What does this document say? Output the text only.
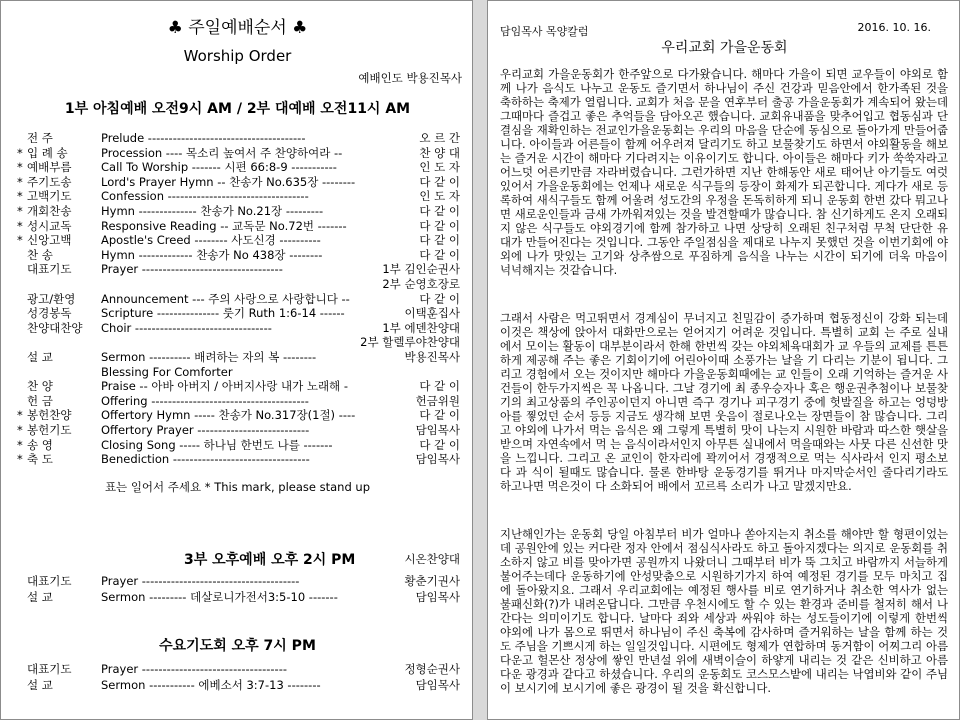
♣ 주일예배순서 ♣
Worship Order
예배인도 박용진목사
1부 아침예배 오전9시 AM / 2부 대예배 오전11시 AM
전 주	Prelude --------------------------------------	오 르 간
* 입 례 송	Procession ---- 목소리 높여서 주 찬양하여라 --	찬 양 대
* 예배부름	Call To Worship ------- 시편 66:8-9 -----------	인 도 자
* 주기도송	Lord's Prayer Hymn -- 찬송가 No.635장 --------	다 같 이
* 고백기도	Confession ----------------------------------	인 도 자
* 개회찬송	Hymn -------------- 찬송가 No.21장 ---------	다 같 이
* 성시교독	Responsive Reading -- 교독문 No.72번 -------	다 같 이
* 신앙고백	Apostle's Creed -------- 사도신경 ----------	다 같 이
찬 송	Hymn ------------- 찬송가 No 438장 --------	다 같 이
대표기도	Prayer ----------------------------------	1부 김인순권사
2부 순영호장로
광고/환영 Announcement --- 주의 사랑으로 사랑합니다 --	다 같 이
성경봉독	Scripture --------------- 룻기 Ruth 1:6-14 ------	이택훈집사
찬양대찬양 Choir ---------------------------------	1부 에덴찬양대
2부 할렐루야찬양대
설 교	Sermon ---------- 배려하는 자의 복 --------	박용진목사
Blessing For Comforter
찬 양	Praise -- 아바 아버지 / 아버지사랑 내가 노래해 -	다 같 이
헌 금	Offering --------------------------------------	헌금위원
* 봉헌찬양	Offertory Hymn ----- 찬송가 No.317장(1절) ----	다 같 이
* 봉헌기도	Offertory Prayer ---------------------------	담임목사
* 송 영	Closing Song ----- 하나님 한번도 나를 -------	다 같 이
* 축 도	Benediction ---------------------------------	담임목사
표는 일어서 주세요 * This mark, please stand up
3부 오후예배 오후 2시 PM	시온찬양대
대표기도	Prayer --------------------------------------	황춘기권사
설 교	Sermon --------- 데살로니가전서3:5-10 -------	담임목사
수요기도회 오후 7시 PM
대표기도	Prayer -----------------------------------	정형순권사
설 교	Sermon ----------- 에베소서 3:7-13 --------	담임목사
담임목사 목양칼럼	2016. 10. 16.
우리교회 가을운동회

우리교회 가을운동회가 한주앞으로 다가왔습니다. 해마다 가을이 되면 교우들이 야외로 함께 나가 음식도 나누고 운동도 즐기면서 하나님이 주신 건강과 믿음안에서 한가족된 것을 축하하는 축제가 열립니다. 교회가 처음 문을 연후부터 출공 가을운동회가 계속되어 왔는데 그때마다 즐겁고 좋은 추억들을 담아오곤 했습니다. 교회유내품을 맞추어입고 협동심과 단결심을 재확인하는 전교인가을운동회는 우리의 마음을 단순에 동심으로 돌아가게 만들어줍니다. 아이들과 어른들이 함께 어우러져 달리기도 하고 보물찾기도 하면서 야외활동을 해보는 즐거운 시간이 해마다 기다려지는 이유이기도 합니다. 아이들은 해마다 키가 쑥쑥자라고 어느덧 어른키만큼 자라버렸습니다. 그런가하면 지난 한해동안 새로 태어난 아기들도 여럿 있어서 가을운동회에는 언제나 새로운 식구들의 등장이 화제가 되곤합니다. 게다가 새로 등록하여 새식구들도 함께 어울려 성도간의 우정을 돈독히하게 되니 운동회 한번 갔다 뭐고나면 새로운인들과 금새 가까워져있는 것을 발견할때가 많습니다. 참 신기하게도 온지 오래되지 않은 식구들도 야외경기에 함께 참가하고 나면 상당히 오래된 친구처럼 무척 단단한 유대가 만들어진다는 것입니다. 그동안 주일점심을 제대로 나누지 못했던 것을 이번기회에 야외에 나가 맛있는 고기와 상추쌈으로 푸짐하게 음식을 나누는 시간이 되기에 더욱 마음이 넉넉해지는 것같습니다.

그래서 사람은 먹고뛰면서 경계심이 무너지고 친밀감이 증가하며 협동정신이 강화 되는데 이것은 책상에 앉아서 대화만으로는 얻어지기 어려운 것입니다. 특별히 교회 는 주로 실내에서 모이는 활동이 대부분이라서 한해 한번씩 갖는 야외체육대회가 교 우들의 교제를 튼튼하게 제공해 주는 좋은 기회이기에 어린아이때 소풍가는 날을 기 다리는 기분이 됩니다. 그리고 경험에서 오는 것이지만 해마다 가을운동회때에는 교 인들이 오래 기억하는 즐거운 사건들이 한두가지씩은 꼭 나옵니다. 그날 경기에 최 종우승자나 혹은 행운권추첨이나 보물찾기의 최고상품의 주인공이던지 아니면 즉구 경기나 피구경기 중에 헛발질을 하고는 엉덩방아를 찧었던 순서 등등 지금도 생각해 보면 웃음이 절로나오는 장면들이 참 많습니다. 그리고 야외에 나가서 먹는 음식은 왜 그렇게 특별히 맛이 나는지 시원한 바람과 따스한 햇살을 받으며 자연속에서 먹 는 음식이라서인지 아무튼 실내에서 먹을때와는 사뭇 다른 신선한 맛을 느낍니다. 그리고 온 교인이 한자리에 꽉끼어서 경쟁적으로 먹는 식사라서 인지 평소보다 과 식이 될때도 많습니다. 물론 한바탕 운동경기를 뛰거나 마지막순서인 줄다리기라도 하고나면 먹은것이 다 소화되어 배에서 꼬르륵 소리가 나고 말겠지만요.

지난해인가는 운동회 당일 아침부터 비가 얼마나 쏟아지는지 취소를 해야만 할 형편이었는데 공원안에 있는 커다란 정자 안에서 점심식사라도 하고 돌아지겠다는 의지로 운동회를 취소하지 않고 비를 맞아가면 공원까지 나왔더니 그때부터 비가 뚝 그치고 바람까지 서늘하게 불어주는데다 운동하기에 안성맞춤으로 시원하기가지 하여 예정된 경기를 모두 마치고 집에 돌아왔지요. 그래서 우리교회에는 예정된 행사를 비로 연기하거나 취소한 역사가 없는 불패신화(?)가 내려온답니다. 그만큼 우천시에도 할 수 있는 환경과 준비를 철저히 해서 나간다는 의미이기도 합니다. 날마다 죄와 세상과 싸워야 하는 성도들이기에 이렇게 한번씩 야외에 나가 몸으로 뛰면서 하나님이 주신 축복에 감사하며 즐거워하는 날을 함께 하는 것도 주님을 기쁘시게 하는 일일것입니다. 시편에도 형제가 연합하며 동거함이 어찌그리 아름다운고 헐몬산 정상에 쌓인 만년설 위에 새벽이슬이 하얗게 내리는 것 같은 신비하고 아름다운 광경과 같다고 하셨습니다. 우리의 운동회도 코스모스밭에 내리는 낙엽비와 같이 주님이 보시기에 보시기에 좋은 광경이 될 것을 확신합니다.
